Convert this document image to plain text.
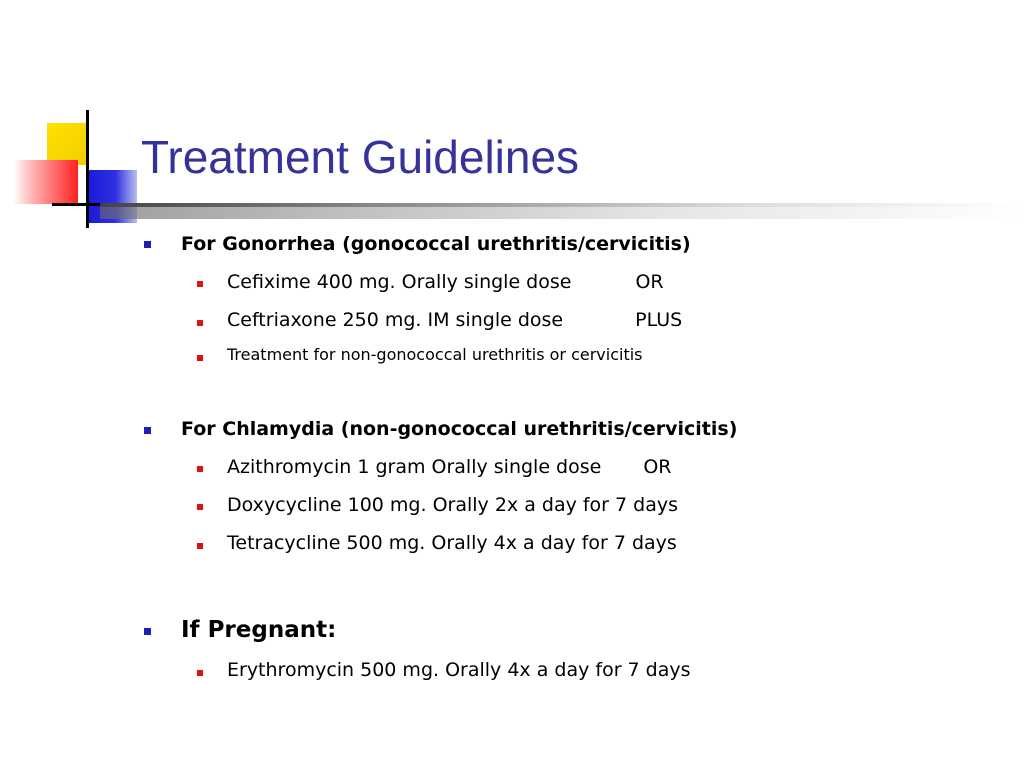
Treatment Guidelines
For Gonorrhea (gonococcal urethritis/cervicitis)
Cefixime 400 mg. Orally single dose	OR
Ceftriaxone 250 mg. IM single dose	PLUS
Treatment for non-gonococcal urethritis or cervicitis
For Chlamydia (non-gonococcal urethritis/cervicitis)
Azithromycin 1 gram Orally single dose OR
Doxycycline 100 mg. Orally 2x a day for 7 days
Tetracycline 500 mg. Orally 4x a day for 7 days
If Pregnant:
Erythromycin 500 mg. Orally 4x a day for 7 days
